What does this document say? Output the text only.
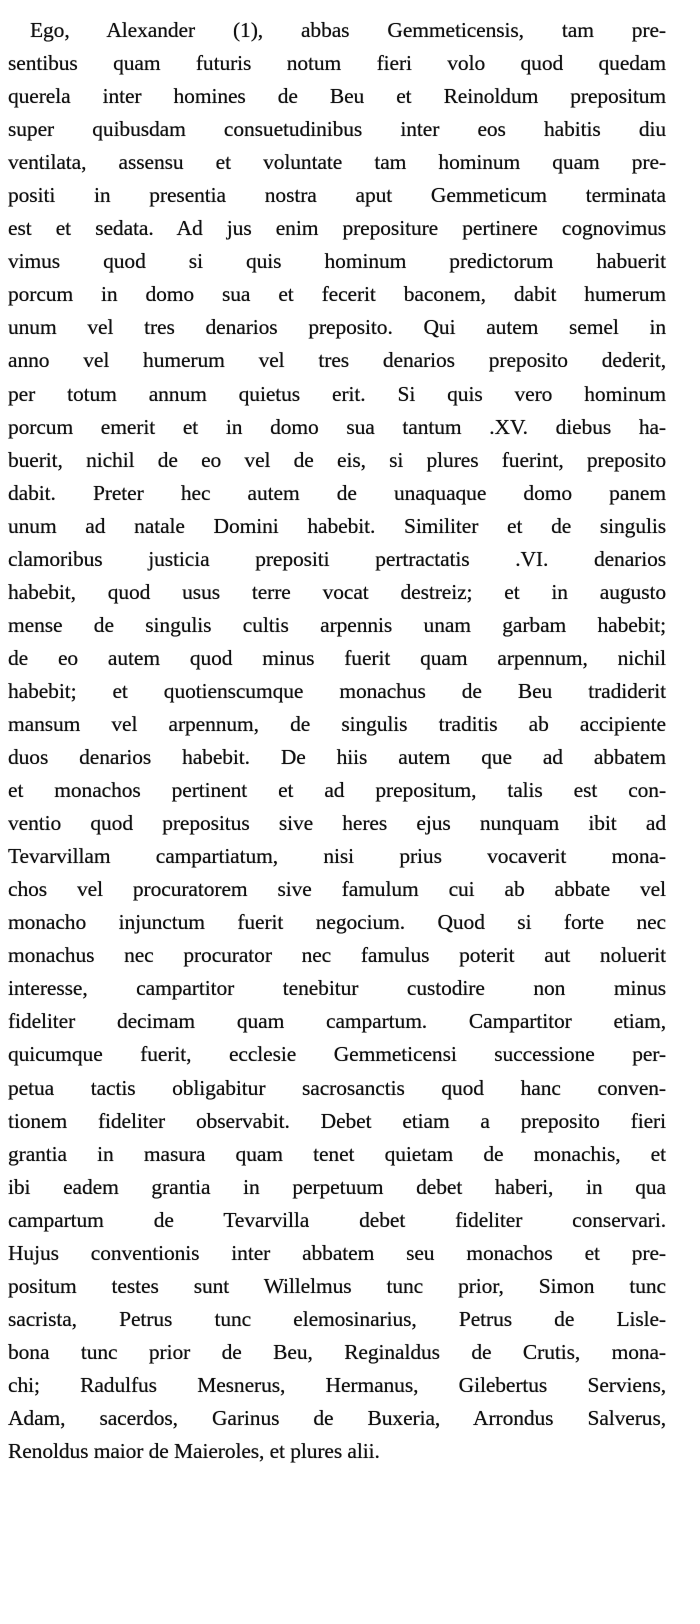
Ego, Alexander (1), abbas Gemmeticensis, tam pre-
sentibus quam futuris notum fieri volo quod quedam
querela inter homines de Beu et Reinoldum prepositum
super quibusdam consuetudinibus inter eos habitis diu
ventilata, assensu et voluntate tam hominum quam pre-
positi in presentia nostra aput Gemmeticum terminata
est et sedata. Ad jus enim prepositure pertinere cognovimus
vimus quod si quis hominum predictorum habuerit
porcum in domo sua et fecerit baconem, dabit humerum
unum vel tres denarios preposito. Qui autem semel in
anno vel humerum vel tres denarios preposito dederit,
per totum annum quietus erit. Si quis vero hominum
porcum emerit et in domo sua tantum .XV. diebus ha-
buerit, nichil de eo vel de eis, si plures fuerint, preposito
dabit. Preter hec autem de unaquaque domo panem
unum ad natale Domini habebit. Similiter et de singulis
clamoribus justicia prepositi pertractatis .VI. denarios
habebit, quod usus terre vocat destreiz; et in augusto
mense de singulis cultis arpennis unam garbam habebit;
de eo autem quod minus fuerit quam arpennum, nichil
habebit; et quotienscumque monachus de Beu tradiderit
mansum vel arpennum, de singulis traditis ab accipiente
duos denarios habebit. De hiis autem que ad abbatem
et monachos pertinent et ad prepositum, talis est con-
ventio quod prepositus sive heres ejus nunquam ibit ad
Tevarvillam campartiatum, nisi prius vocaverit mona-
chos vel procuratorem sive famulum cui ab abbate vel
monacho injunctum fuerit negocium. Quod si forte nec
monachus nec procurator nec famulus poterit aut noluerit
interesse, campartitor tenebitur custodire non minus
fideliter decimam quam campartum. Campartitor etiam,
quicumque fuerit, ecclesie Gemmeticensi successione per-
petua tactis obligabitur sacrosanctis quod hanc conven-
tionem fideliter observabit. Debet etiam a preposito fieri
grantia in masura quam tenet quietam de monachis, et
ibi eadem grantia in perpetuum debet haberi, in qua
campartum de Tevarvilla debet fideliter conservari.
Hujus conventionis inter abbatem seu monachos et pre-
positum testes sunt Willelmus tunc prior, Simon tunc
sacrista, Petrus tunc elemosinarius, Petrus de Lisle-
bona tunc prior de Beu, Reginaldus de Crutis, mona-
chi; Radulfus Mesnerus, Hermanus, Gilebertus Serviens,
Adam, sacerdos, Garinus de Buxeria, Arrondus Salverus,
Renoldus maior de Maieroles, et plures alii.
